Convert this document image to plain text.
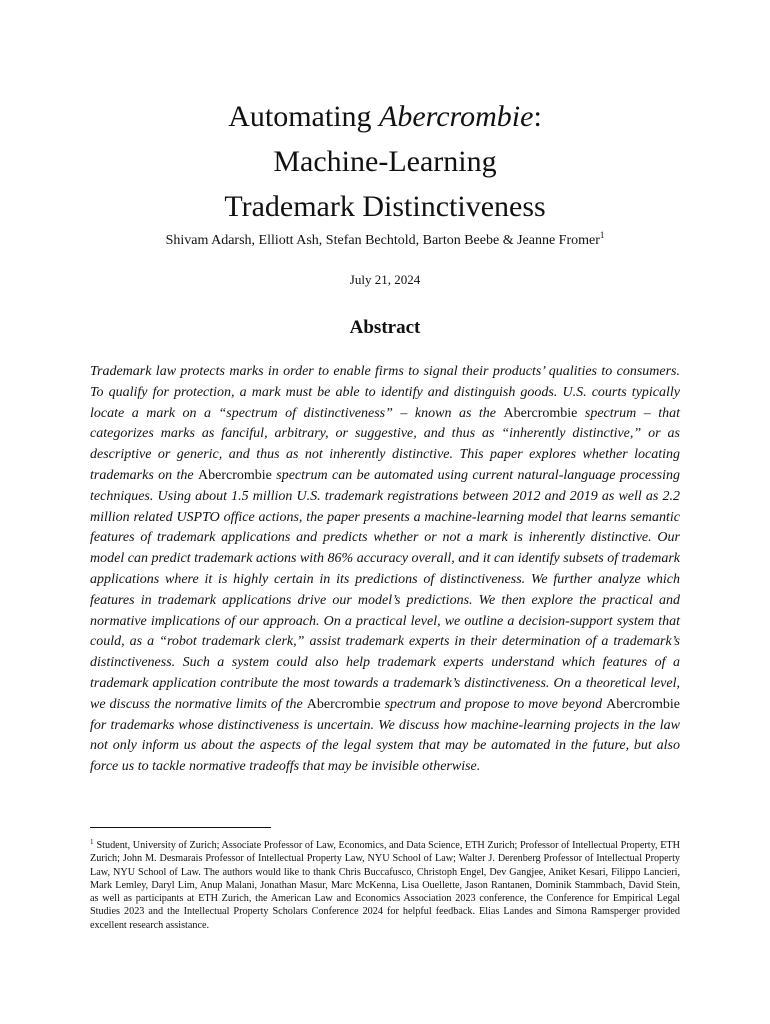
Automating Abercrombie:
Machine-Learning
Trademark Distinctiveness
Shivam Adarsh, Elliott Ash, Stefan Bechtold, Barton Beebe & Jeanne Fromer$^1$
July 21, 2024
Abstract

Trademark law protects marks in order to enable firms to signal their products’ qualities to consumers. To qualify for protection, a mark must be able to identify and distinguish goods. U.S. courts typically locate a mark on a “spectrum of distinctiveness” – known as the Abercrombie spectrum – that categorizes marks as fanciful, arbitrary, or suggestive, and thus as “inherently distinctive,” or as descriptive or generic, and thus as not inherently distinctive. This paper explores whether locating trademarks on the Abercrombie spectrum can be automated using current natural-language processing techniques. Using about 1.5 million U.S. trademark registrations between 2012 and 2019 as well as 2.2 million related USPTO office actions, the paper presents a machine-learning model that learns semantic features of trademark applications and predicts whether or not a mark is inherently distinctive. Our model can predict trademark actions with 86% accuracy overall, and it can identify subsets of trademark applications where it is highly certain in its predictions of distinctiveness. We further analyze which features in trademark applications drive our model’s predictions. We then explore the practical and normative implications of our approach. On a practical level, we outline a decision-support system that could, as a “robot trademark clerk,” assist trademark experts in their determination of a trademark’s distinctiveness. Such a system could also help trademark experts understand which features of a trademark application contribute the most towards a trademark’s distinctiveness. On a theoretical level, we discuss the normative limits of the Abercrombie spectrum and propose to move beyond Abercrombie for trademarks whose distinctiveness is uncertain. We discuss how machine-learning projects in the law not only inform us about the aspects of the legal system that may be automated in the future, but also force us to tackle normative tradeoffs that may be invisible otherwise.

$^1$ Student, University of Zurich; Associate Professor of Law, Economics, and Data Science, ETH Zurich; Professor of Intellectual Property, ETH Zurich; John M. Desmarais Professor of Intellectual Property Law, NYU School of Law; Walter J. Derenberg Professor of Intellectual Property Law, NYU School of Law. The authors would like to thank Chris Buccafusco, Christoph Engel, Dev Gangjee, Aniket Kesari, Filippo Lancieri, Mark Lemley, Daryl Lim, Anup Malani, Jonathan Masur, Marc McKenna, Lisa Ouellette, Jason Rantanen, Dominik Stammbach, David Stein, as well as participants at ETH Zurich, the American Law and Economics Association 2023 conference, the Conference for Empirical Legal Studies 2023 and the Intellectual Property Scholars Conference 2024 for helpful feedback. Elias Landes and Simona Ramsperger provided excellent research assistance.
